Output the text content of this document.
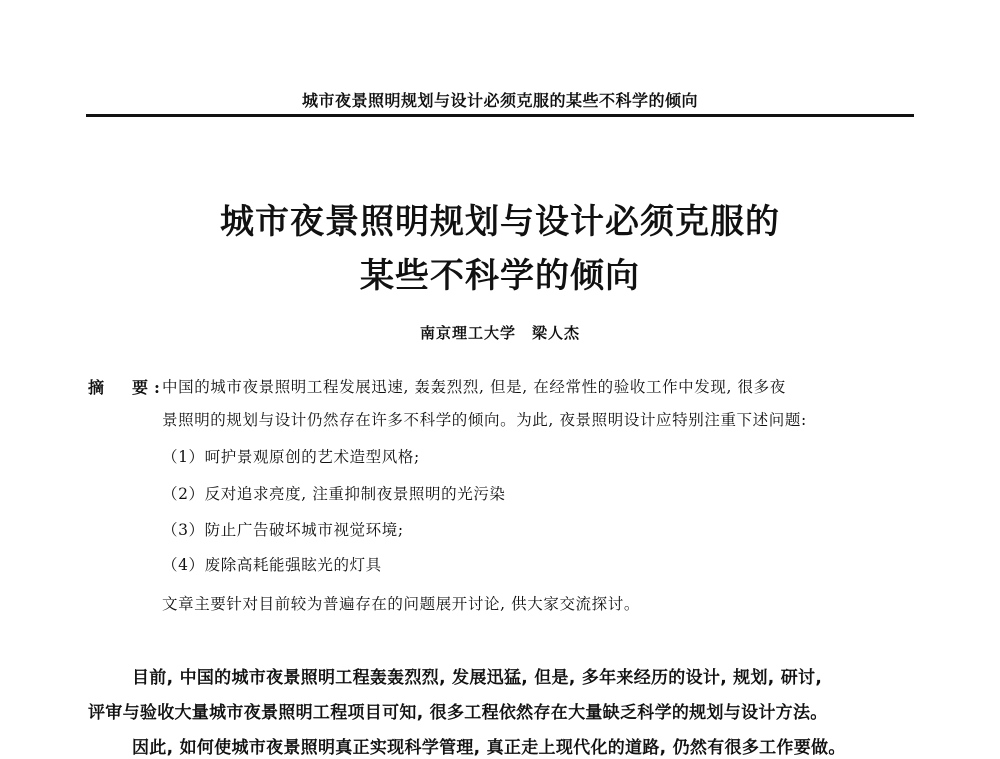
城市夜景照明规划与设计必须克服的某些不科学的倾向
城市夜景照明规划与设计必须克服的
某些不科学的倾向
南京理工大学　梁人杰
摘　要:
中国的城市夜景照明工程发展迅速, 轰轰烈烈, 但是, 在经常性的验收工作中发现, 很多夜
景照明的规划与设计仍然存在许多不科学的倾向。为此, 夜景照明设计应特别注重下述问题:
（1）呵护景观原创的艺术造型风格;
（2）反对追求亮度, 注重抑制夜景照明的光污染
（3）防止广告破坏城市视觉环境;
（4）废除高耗能强眩光的灯具
文章主要针对目前较为普遍存在的问题展开讨论, 供大家交流探讨。
目前, 中国的城市夜景照明工程轰轰烈烈, 发展迅猛, 但是, 多年来经历的设计, 规划, 研讨,
评审与验收大量城市夜景照明工程项目可知, 很多工程依然存在大量缺乏科学的规划与设计方法。
因此, 如何使城市夜景照明真正实现科学管理, 真正走上现代化的道路, 仍然有很多工作要做。
